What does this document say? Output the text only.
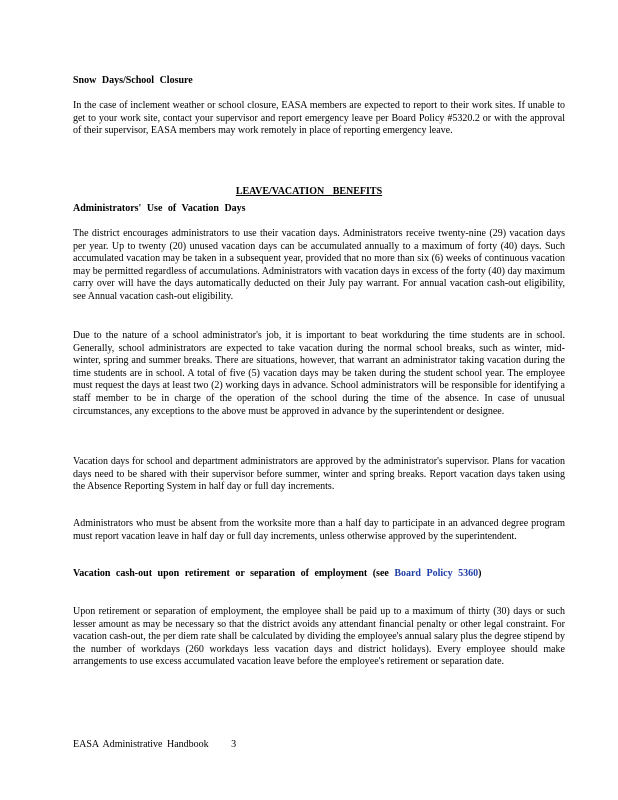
Snow Days/School Closure

In the case of inclement weather or school closure, EASA members are expected to report to their work sites. If unable to get to your work site, contact your supervisor and report emergency leave per Board Policy #5320.2 or with the approval of their supervisor, EASA members may work remotely in place of reporting emergency leave.

LEAVE/VACATION BENEFITS

Administrators' Use of Vacation Days

The district encourages administrators to use their vacation days. Administrators receive twenty-nine (29) vacation days per year. Up to twenty (20) unused vacation days can be accumulated annually to a maximum of forty (40) days. Such accumulated vacation may be taken in a subsequent year, provided that no more than six (6) weeks of continuous vacation may be permitted regardless of accumulations. Administrators with vacation days in excess of the forty (40) day maximum carry over will have the days automatically deducted on their July pay warrant. For annual vacation cash-out eligibility, see Annual vacation cash-out eligibility.

Due to the nature of a school administrator's job, it is important to beat workduring the time students are in school. Generally, school administrators are expected to take vacation during the normal school breaks, such as winter, mid-winter, spring and summer breaks. There are situations, however, that warrant an administrator taking vacation during the time students are in school. A total of five (5) vacation days may be taken during the student school year. The employee must request the days at least two (2) working days in advance. School administrators will be responsible for identifying a staff member to be in charge of the operation of the school during the time of the absence. In case of unusual circumstances, any exceptions to the above must be approved in advance by the superintendent or designee.

Vacation days for school and department administrators are approved by the administrator's supervisor. Plans for vacation days need to be shared with their supervisor before summer, winter and spring breaks. Report vacation days taken using the Absence Reporting System in half day or full day increments.

Administrators who must be absent from the worksite more than a half day to participate in an advanced degree program must report vacation leave in half day or full day increments, unless otherwise approved by the superintendent.

Vacation cash-out upon retirement or separation of employment (see Board Policy 5360)

Upon retirement or separation of employment, the employee shall be paid up to a maximum of thirty (30) days or such lesser amount as may be necessary so that the district avoids any attendant financial penalty or other legal constraint. For vacation cash-out, the per diem rate shall be calculated by dividing the employee's annual salary plus the degree stipend by the number of workdays (260 workdays less vacation days and district holidays). Every employee should make arrangements to use excess accumulated vacation leave before the employee's retirement or separation date.

EASA Administrative Handbook 3
